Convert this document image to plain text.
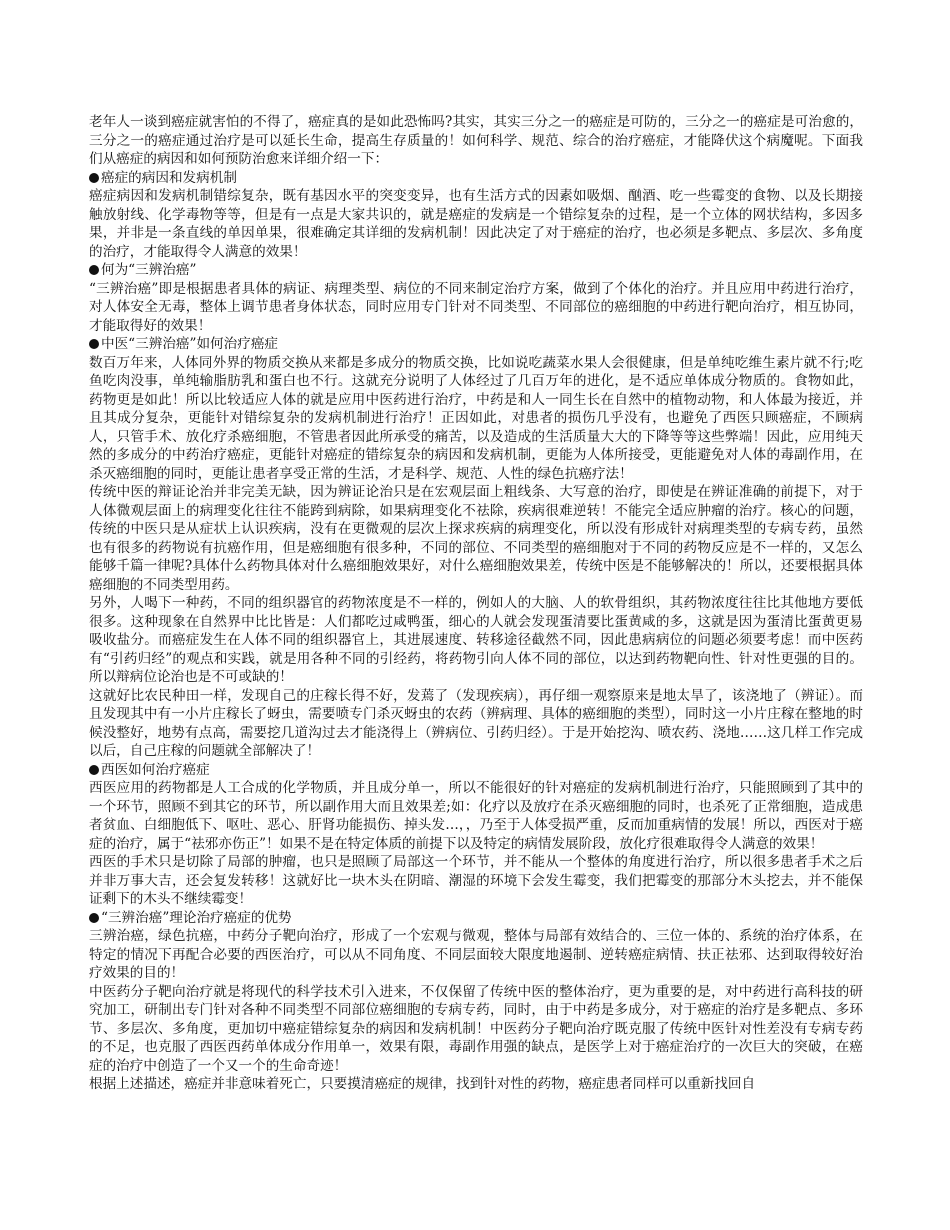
老年人一谈到癌症就害怕的不得了，癌症真的是如此恐怖吗?其实，其实三分之一的癌症是可防的，三分之一的癌症是可治愈的，三分之一的癌症通过治疗是可以延长生命，提高生存质量的！如何科学、规范、综合的治疗癌症，才能降伏这个病魔呢。下面我们从癌症的病因和如何预防治愈来详细介绍一下：

癌症的病因和发病机制

癌症病因和发病机制错综复杂，既有基因水平的突变变异，也有生活方式的因素如吸烟、酗酒、吃一些霉变的食物、以及长期接触放射线、化学毒物等等，但是有一点是大家共识的，就是癌症的发病是一个错综复杂的过程，是一个立体的网状结构，多因多果，并非是一条直线的单因单果，很难确定其详细的发病机制！因此决定了对于癌症的治疗，也必须是多靶点、多层次、多角度的治疗，才能取得令人满意的效果！

何为“三辨治癌”

“三辨治癌”即是根据患者具体的病证、病理类型、病位的不同来制定治疗方案，做到了个体化的治疗。并且应用中药进行治疗，对人体安全无毒，整体上调节患者身体状态，同时应用专门针对不同类型、不同部位的癌细胞的中药进行靶向治疗，相互协同，才能取得好的效果！

中医“三辨治癌”如何治疗癌症

数百万年来，人体同外界的物质交换从来都是多成分的物质交换，比如说吃蔬菜水果人会很健康，但是单纯吃维生素片就不行;吃鱼吃肉没事，单纯输脂肪乳和蛋白也不行。这就充分说明了人体经过了几百万年的进化，是不适应单体成分物质的。食物如此，药物更是如此！所以比较适应人体的就是应用中医药进行治疗，中药是和人一同生长在自然中的植物动物，和人体最为接近，并且其成分复杂，更能针对错综复杂的发病机制进行治疗！正因如此，对患者的损伤几乎没有，也避免了西医只顾癌症，不顾病人，只管手术、放化疗杀癌细胞，不管患者因此所承受的痛苦，以及造成的生活质量大大的下降等等这些弊端！因此，应用纯天然的多成分的中药治疗癌症，更能针对癌症的错综复杂的病因和发病机制，更能为人体所接受，更能避免对人体的毒副作用，在杀灭癌细胞的同时，更能让患者享受正常的生活，才是科学、规范、人性的绿色抗癌疗法！

传统中医的辩证论治并非完美无缺，因为辨证论治只是在宏观层面上粗线条、大写意的治疗，即使是在辨证准确的前提下，对于人体微观层面上的病理变化往往不能跨到病除，如果病理变化不祛除，疾病很难逆转！不能完全适应肿瘤的治疗。核心的问题，传统的中医只是从症状上认识疾病，没有在更微观的层次上探求疾病的病理变化，所以没有形成针对病理类型的专病专药，虽然也有很多的药物说有抗癌作用，但是癌细胞有很多种，不同的部位、不同类型的癌细胞对于不同的药物反应是不一样的，又怎么能够千篇一律呢?具体什么药物具体对什么癌细胞效果好，对什么癌细胞效果差，传统中医是不能够解决的！所以，还要根据具体癌细胞的不同类型用药。

另外，人喝下一种药，不同的组织器官的药物浓度是不一样的，例如人的大脑、人的软骨组织，其药物浓度往往比其他地方要低很多。这种现象在自然界中比比皆是：人们都吃过咸鸭蛋，细心的人就会发现蛋清要比蛋黄咸的多，这就是因为蛋清比蛋黄更易吸收盐分。而癌症发生在人体不同的组织器官上，其进展速度、转移途径截然不同，因此患病病位的问题必须要考虑！而中医药有“引药归经”的观点和实践，就是用各种不同的引经药，将药物引向人体不同的部位，以达到药物靶向性、针对性更强的目的。所以辩病位论治也是不可或缺的！

这就好比农民种田一样，发现自己的庄稼长得不好，发蔫了（发现疾病），再仔细一观察原来是地太旱了，该浇地了（辨证）。而且发现其中有一小片庄稼长了蚜虫，需要喷专门杀灭蚜虫的农药（辨病理、具体的癌细胞的类型），同时这一小片庄稼在整地的时候没整好，地势有点高，需要挖几道沟过去才能浇得上（辨病位、引药归经）。于是开始挖沟、喷农药、浇地……这几样工作完成以后，自己庄稼的问题就全部解决了！

西医如何治疗癌症

西医应用的药物都是人工合成的化学物质，并且成分单一，所以不能很好的针对癌症的发病机制进行治疗，只能照顾到了其中的一个环节，照顾不到其它的环节，所以副作用大而且效果差;如：化疗以及放疗在杀灭癌细胞的同时，也杀死了正常细胞，造成患者贫血、白细胞低下、呕吐、恶心、肝肾功能损伤、掉头发…，，乃至于人体受损严重，反而加重病情的发展！所以，西医对于癌症的治疗，属于“祛邪亦伤正”！如果不是在特定体质的前提下以及特定的病情发展阶段，放化疗很难取得令人满意的效果！

西医的手术只是切除了局部的肿瘤，也只是照顾了局部这一个环节，并不能从一个整体的角度进行治疗，所以很多患者手术之后并非万事大吉，还会复发转移！这就好比一块木头在阴暗、潮湿的环境下会发生霉变，我们把霉变的那部分木头挖去，并不能保证剩下的木头不继续霉变！

“三辨治癌”理论治疗癌症的优势

三辨治癌，绿色抗癌，中药分子靶向治疗，形成了一个宏观与微观，整体与局部有效结合的、三位一体的、系统的治疗体系，在特定的情况下再配合必要的西医治疗，可以从不同角度、不同层面较大限度地遏制、逆转癌症病情、扶正祛邪、达到取得较好治疗效果的目的！

中医药分子靶向治疗就是将现代的科学技术引入进来，不仅保留了传统中医的整体治疗，更为重要的是，对中药进行高科技的研究加工，研制出专门针对各种不同类型不同部位癌细胞的专病专药，同时，由于中药是多成分，对于癌症的治疗是多靶点、多环节、多层次、多角度，更加切中癌症错综复杂的病因和发病机制！中医药分子靶向治疗既克服了传统中医针对性差没有专病专药的不足，也克服了西医西药单体成分作用单一，效果有限，毒副作用强的缺点，是医学上对于癌症治疗的一次巨大的突破，在癌症的治疗中创造了一个又一个的生命奇迹！

根据上述描述，癌症并非意味着死亡，只要摸清癌症的规律，找到针对性的药物，癌症患者同样可以重新找回自
